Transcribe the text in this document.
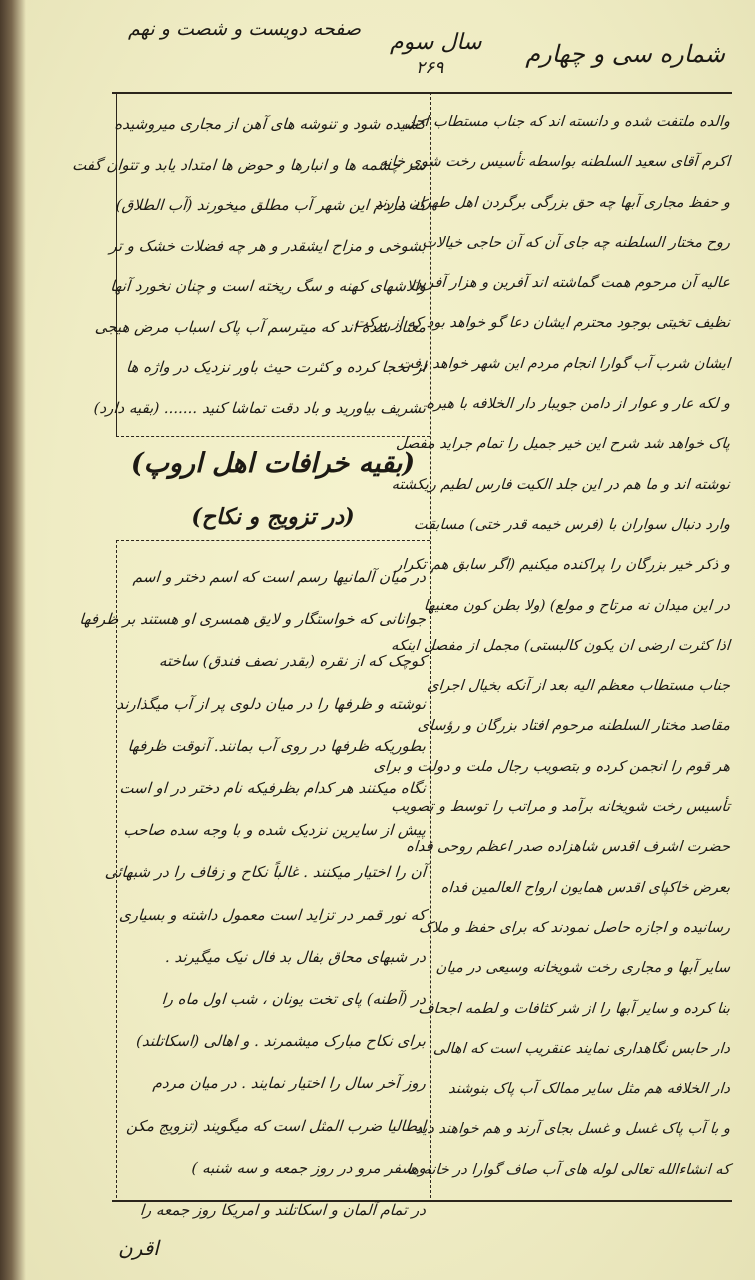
شماره سی و چهارم
سال سوم
۲۶۹
صفحه دویست و شصت و نهم

والده ملتفت شده و دانسته اند که جناب مستطاب اجل

اکرم آقای سعید السلطنه بواسطه تأسیس رخت شوی خانه

و حفظ مجاری آبها چه حق بزرگی برگردن اهل طهران دارند

روح مختار السلطنه چه جای آن که آن حاجی خیالات

عالیه آن مرحوم همت گماشته اند آفرین و هزار آفرین

نظیف تخیتی بوجود محترم ایشان دعا گو خواهد بود که از برکت

ایشان شرب آب گوارا انجام مردم این شهر خواهد رفت

و لکه عار و عوار از دامن جویبار دار الخلافه با هیره

پاک خواهد شد شرح این خیر جمیل را تمام جراید مفصل

نوشته اند و ما هم در این جلد الکیت فارس لطیم ریکشته

وارد دنبال سواران با (فرس خیمه قدر ختی) مسابقت

و ذکر خیر بزرگان را پراکنده میکنیم (اگر سابق هم تکرار

در این میدان نه مرتاح و مولع) (ولا بطن کون معنیها

اذا کثرت ارضی ان یکون کالبستی) مجمل از مفصل اینکه

جناب مستطاب معظم الیه بعد از آنکه بخیال اجرای

مقاصد مختار السلطنه مرحوم افتاد بزرگان و رؤسای

هر قوم را انجمن کرده و بتصویب رجال ملت و دولت و برای

تأسیس رخت شویخانه برآمد و مراتب را توسط و تصویب

حضرت اشرف اقدس شاهزاده صدر اعظم روحی فداه

بعرض خاکپای اقدس همایون ارواح العالمین فداه

رسانیده و اجازه حاصل نمودند که برای حفظ و ملاک

سایر آبها و مجاری رخت شویخانه وسیعی در میان

بنا کرده و سایر آبها را از شر کثافات و لطمه اجحاف

دار حابس نگاهداری نمایند عنقریب است که اهالی

دار الخلافه هم مثل سایر ممالک آب پاک بنوشند

و با آب پاک غسل و غسل بجای آرند و هم خواهند دید

که انشاءالله تعالی لوله های آب صاف گوارا در خانه ها

کشیده شود و تنوشه های آهن از مجاری میروشیده

سر چشمه ها و انبارها و حوض ها امتداد یابد و تتوان گفت

که مردم این شهر آب مطلق میخورند (آب الطلاق)

بشوخی و مزاح ایشقدر و هر چه فضلات خشک و تر

والاشهای کهنه و سگ ریخته است و چنان نخورد آنها

معتاد شده اند که میترسم آب پاک اسباب مرض هیجی

از نخجا کرده و کثرت حیث باور نزدیک در واژه ها

تشریف بیاورید و باد دقت تماشا کنید ....... (بقیه دارد)

(بقیه خرافات اهل اروپ)
(در تزویج و نکاح)

در میان آلمانیها رسم است که اسم دختر و اسم

جوانانی که خواستگار و لایق همسری او هستند بر ظرفها

کوچک که از نقره (بقدر نصف فندق) ساخته

نوشته و ظرفها را در میان دلوی پر از آب میگذارند

بطوریکه ظرفها در روی آب بمانند. آنوقت ظرفها

نگاه میکنند هر کدام بظرفیکه نام دختر در او است

پیش از سایرین نزدیک شده و با وجه سده صاحب

آن را اختیار میکنند . غالباً نکاح و زفاف را در شبهائی

که نور قمر در تزاید است معمول داشته و بسیاری

در شبهای محاق بفال بد فال نیک میگیرند .

در (آطنه) پای تخت یونان ، شب اول ماه را

برای نکاح مبارک میشمرند . و اهالی (اسکاتلند)

روز آخر سال را اختیار نمایند . در میان مردم

ایطالیا ضرب المثل است که میگویند (تزویج مکن

و سفر مرو در روز جمعه و سه شنبه )

در تمام آلمان و اسکاتلند و امریکا روز جمعه را

اقرن
